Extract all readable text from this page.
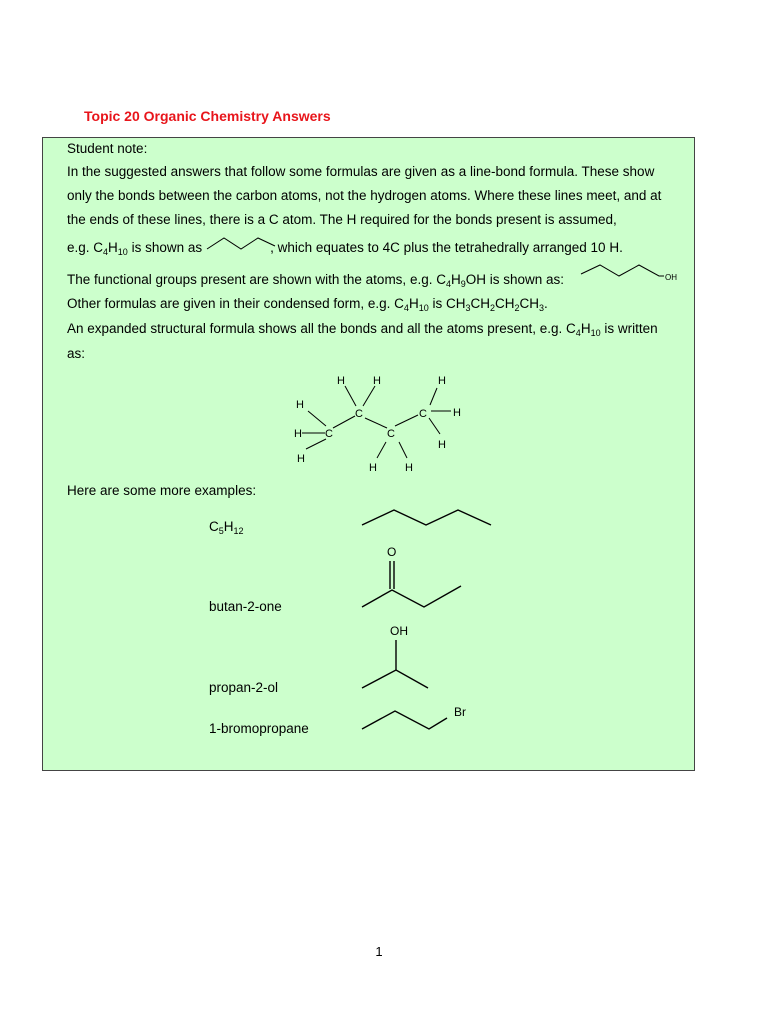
Topic 20 Organic Chemistry Answers
Student note:
In the suggested answers that follow some formulas are given as a line-bond formula. These show
only the bonds between the carbon atoms, not the hydrogen atoms. Where these lines meet, and at
the ends of these lines, there is a C atom. The H required for the bonds present is assumed,
e.g. $C_4H_{10}$ is shown as	, which equates to 4C plus the tetrahedrally arranged 10 H.
The functional groups present are shown with the atoms, e.g. $C_4H_9OH$ is shown as:
Other formulas are given in their condensed form, e.g. $C_4H_{10}$ is $CH_3CH_2CH_2CH_3$.
An expanded structural formula shows all the bonds and all the atoms present, e.g. $C_4H_{10}$ is written
as:
OH
C
C
C
C
H
H
H
H	H
H	H
H
H
H
Here are some more examples:
$C_5H_{12}$
butan-2-one
O
propan-2-ol
OH
1-bromopropane
Br
1
